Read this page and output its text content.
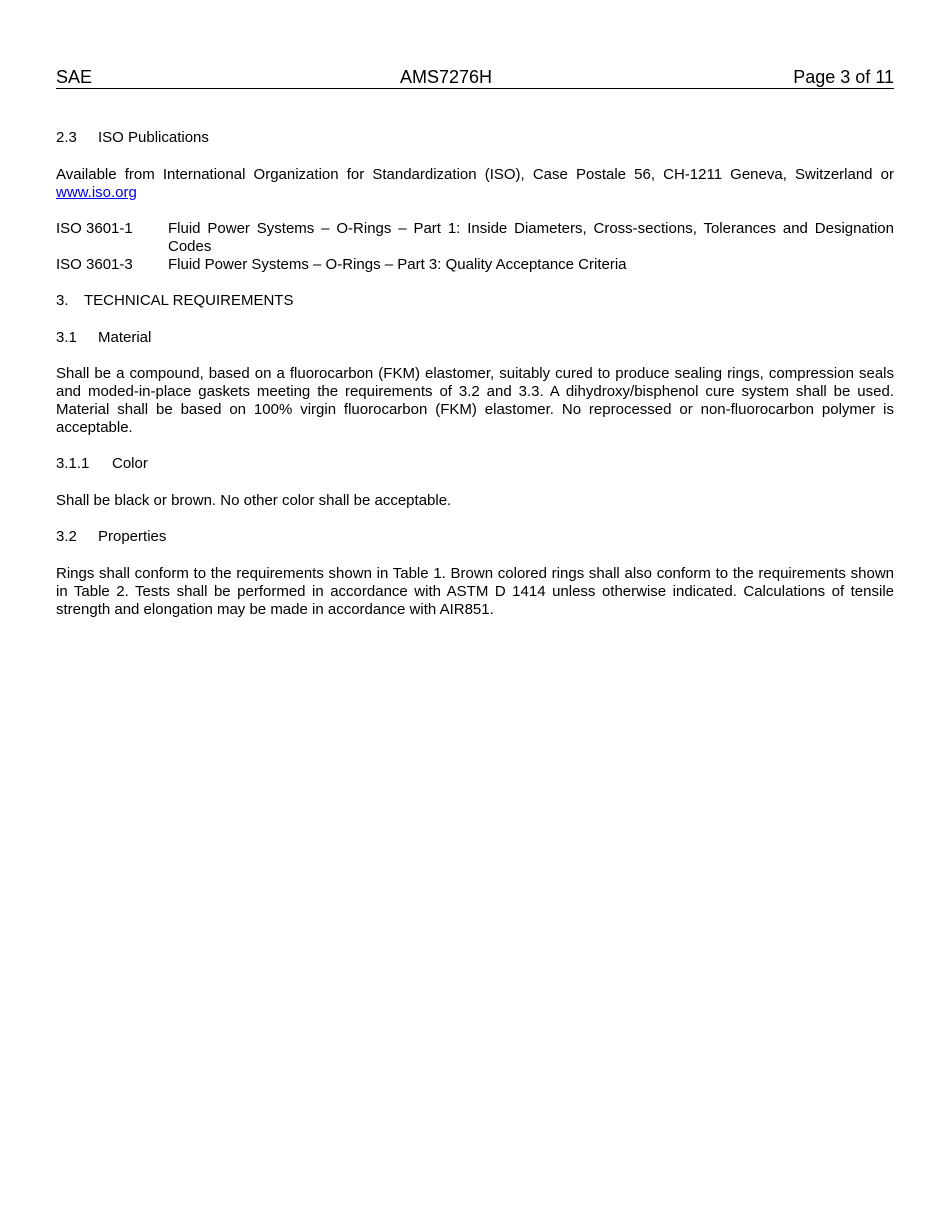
SAE	AMS7276H	Page 3 of 11
2.3 ISO Publications
Available from International Organization for Standardization (ISO), Case Postale 56, CH-1211 Geneva, Switzerland or www.iso.org
ISO 3601-1	Fluid Power Systems – O-Rings – Part 1: Inside Diameters, Cross-sections, Tolerances and Designation Codes
ISO 3601-3	Fluid Power Systems – O-Rings – Part 3: Quality Acceptance Criteria
3. TECHNICAL REQUIREMENTS
3.1 Material
Shall be a compound, based on a fluorocarbon (FKM) elastomer, suitably cured to produce sealing rings, compression seals and moded-in-place gaskets meeting the requirements of 3.2 and 3.3. A dihydroxy/bisphenol cure system shall be used. Material shall be based on 100% virgin fluorocarbon (FKM) elastomer. No reprocessed or non-fluorocarbon polymer is acceptable.
3.1.1 Color
Shall be black or brown. No other color shall be acceptable.
3.2 Properties
Rings shall conform to the requirements shown in Table 1. Brown colored rings shall also conform to the requirements shown in Table 2. Tests shall be performed in accordance with ASTM D 1414 unless otherwise indicated. Calculations of tensile strength and elongation may be made in accordance with AIR851.
